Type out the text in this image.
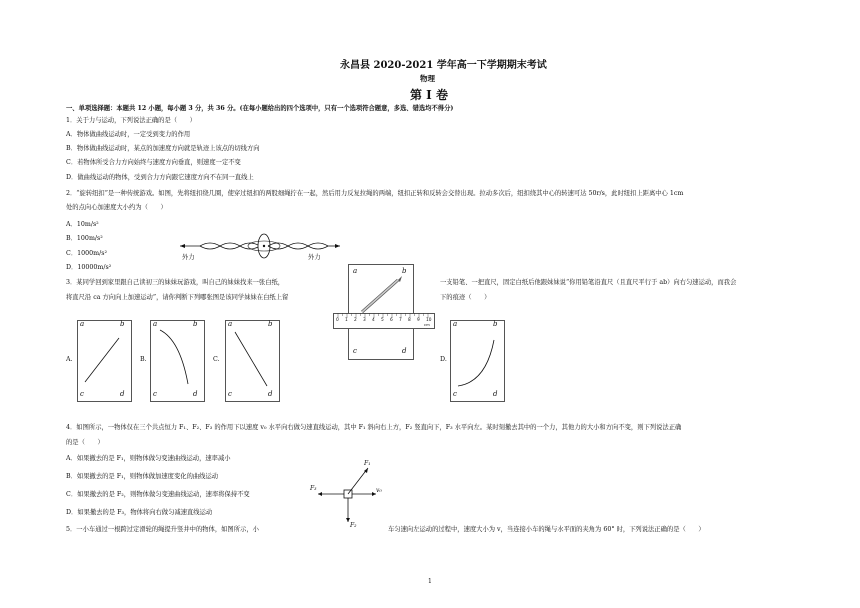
永昌县 2020-2021 学年高一下学期期末考试
物理
第 I 卷
一、单项选择题：本题共 12 小题，每小题 3 分，共 36 分。(在每小题给出的四个选项中，只有一个选项符合题意，多选、错选均不得分)
1．关于力与运动，下列说法正确的是（　　）
A．物体做曲线运动时，一定受到变力的作用
B．物体做曲线运动时，某点的加速度方向就是轨迹上该点的切线方向
C．若物体所受合力方向始终与速度方向垂直，则速度一定不变
D．做曲线运动的物体，受到合力方向跟它速度方向不在同一直线上
2．“旋转纽扣”是一种传统游戏。如图，先将纽扣绕几圈，使穿过纽扣的两股细绳拧在一起，然后用力反复拉绳的两端，纽扣正转和反转会交替出现。拉动多次后，纽扣绕其中心的转速可达 50r/s，此时纽扣上距离中心 1cm
处的点向心加速度大小约为（　　）
A．10m/s²
B．100m/s²
C．1000m/s²
D．10000m/s²
外力	外力
3．某同学回到家里跟自己读初三的妹妹玩游戏，叫自己的妹妹找来一张白纸，	一支铅笔、一把直尺，固定白纸后他跟妹妹说“你用铅笔沿直尺（且直尺平行于 ab）向右匀速运动，而我会
将直尺沿 ca 方向向上加速运动”，请你判断下列哪张图是该同学妹妹在白纸上留	下的痕迹（　　）
a	b
c	d
0 1 2 3 4 5 6 7 8 9 10
cm
A.
a	b
c	d
B.
a	b
c	d
C.
a	b
c	d
D.
a	b
c	d
4．如图所示，一物体仅在三个共点恒力 F₁、F₂、F₃ 的作用下以速度 v₀ 水平向右做匀速直线运动，其中 F₁ 斜向右上方，F₂ 竖直向下，F₃ 水平向左。某时刻撤去其中的一个力，其他力的大小和方向不变，则下列说法正确
的是（　　）
A．如果撤去的是 F₁，则物体做匀变速曲线运动，速率减小
B．如果撤去的是 F₁，则物体做加速度变化的曲线运动
C．如果撤去的是 F₂，则物体做匀变速曲线运动，速率将保持不变
D．如果撤去的是 F₃，物体将向右做匀减速直线运动
F₁
F₃	v₀
F₂
5．一小车通过一根跨过定滑轮的绳提升竖井中的物体，如图所示，小	车匀速向左运动的过程中，速度大小为 v，当连接小车的绳与水平面的夹角为 60° 时，下列说法正确的是（　　）
1
